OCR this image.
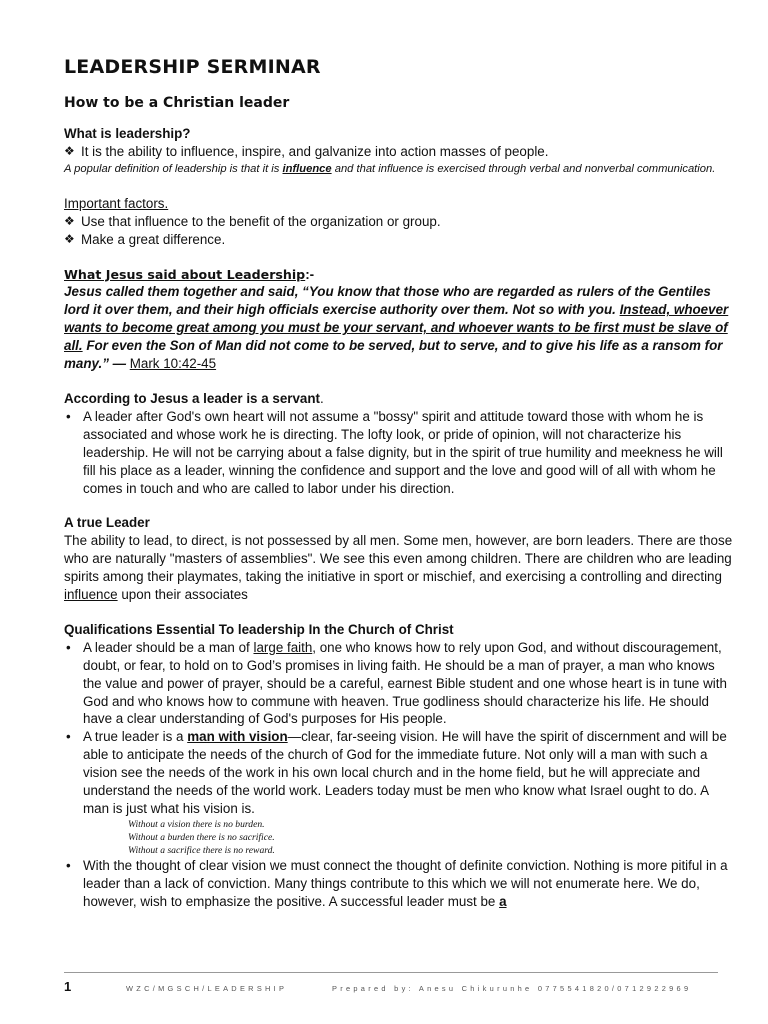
LEADERSHIP SERMINAR
How to be a Christian leader

What is leadership?

❖ It is the ability to influence, inspire, and galvanize into action masses of people.

A popular definition of leadership is that it is influence and that influence is exercised through verbal and nonverbal communication.

Important factors.

❖ Use that influence to the benefit of the organization or group.
❖ Make a great difference.

What Jesus said about Leadership:-

Jesus called them together and said, “You know that those who are regarded as rulers of the Gentiles lord it over them, and their high officials exercise authority over them. Not so with you. Instead, whoever wants to become great among you must be your servant, and whoever wants to be first must be slave of all. For even the Son of Man did not come to be served, but to serve, and to give his life as a ransom for many.” — Mark 10:42-45

According to Jesus a leader is a servant.

• A leader after God's own heart will not assume a "bossy" spirit and attitude toward those with whom he is associated and whose work he is directing. The lofty look, or pride of opinion, will not characterize his leadership. He will not be carrying about a false dignity, but in the spirit of true humility and meekness he will fill his place as a leader, winning the confidence and support and the love and good will of all with whom he comes in touch and who are called to labor under his direction.

A true Leader

The ability to lead, to direct, is not possessed by all men. Some men, however, are born leaders. There are those who are naturally "masters of assemblies". We see this even among children. There are children who are leading spirits among their playmates, taking the initiative in sport or mischief, and exercising a controlling and directing influence upon their associates

Qualifications Essential To leadership In the Church of Christ

• A leader should be a man of large faith, one who knows how to rely upon God, and without discouragement, doubt, or fear, to hold on to God’s promises in living faith. He should be a man of prayer, a man who knows the value and power of prayer, should be a careful, earnest Bible student and one whose heart is in tune with God and who knows how to commune with heaven. True godliness should characterize his life. He should have a clear understanding of God's purposes for His people.
• A true leader is a man with vision—clear, far-seeing vision. He will have the spirit of discernment and will be able to anticipate the needs of the church of God for the immediate future. Not only will a man with such a vision see the needs of the work in his own local church and in the home field, but he will appreciate and understand the needs of the world work. Leaders today must be men who know what Israel ought to do. A man is just what his vision is.

Without a vision there is no burden.

Without a burden there is no sacrifice.

Without a sacrifice there is no reward.

• With the thought of clear vision we must connect the thought of definite conviction. Nothing is more pitiful in a leader than a lack of conviction. Many things contribute to this which we will not enumerate here. We do, however, wish to emphasize the positive. A successful leader must be a
1	WZC/MGSCH/LEADERSHIP	Prepared by: Anesu Chikurunhe 0775541820/0712922969
